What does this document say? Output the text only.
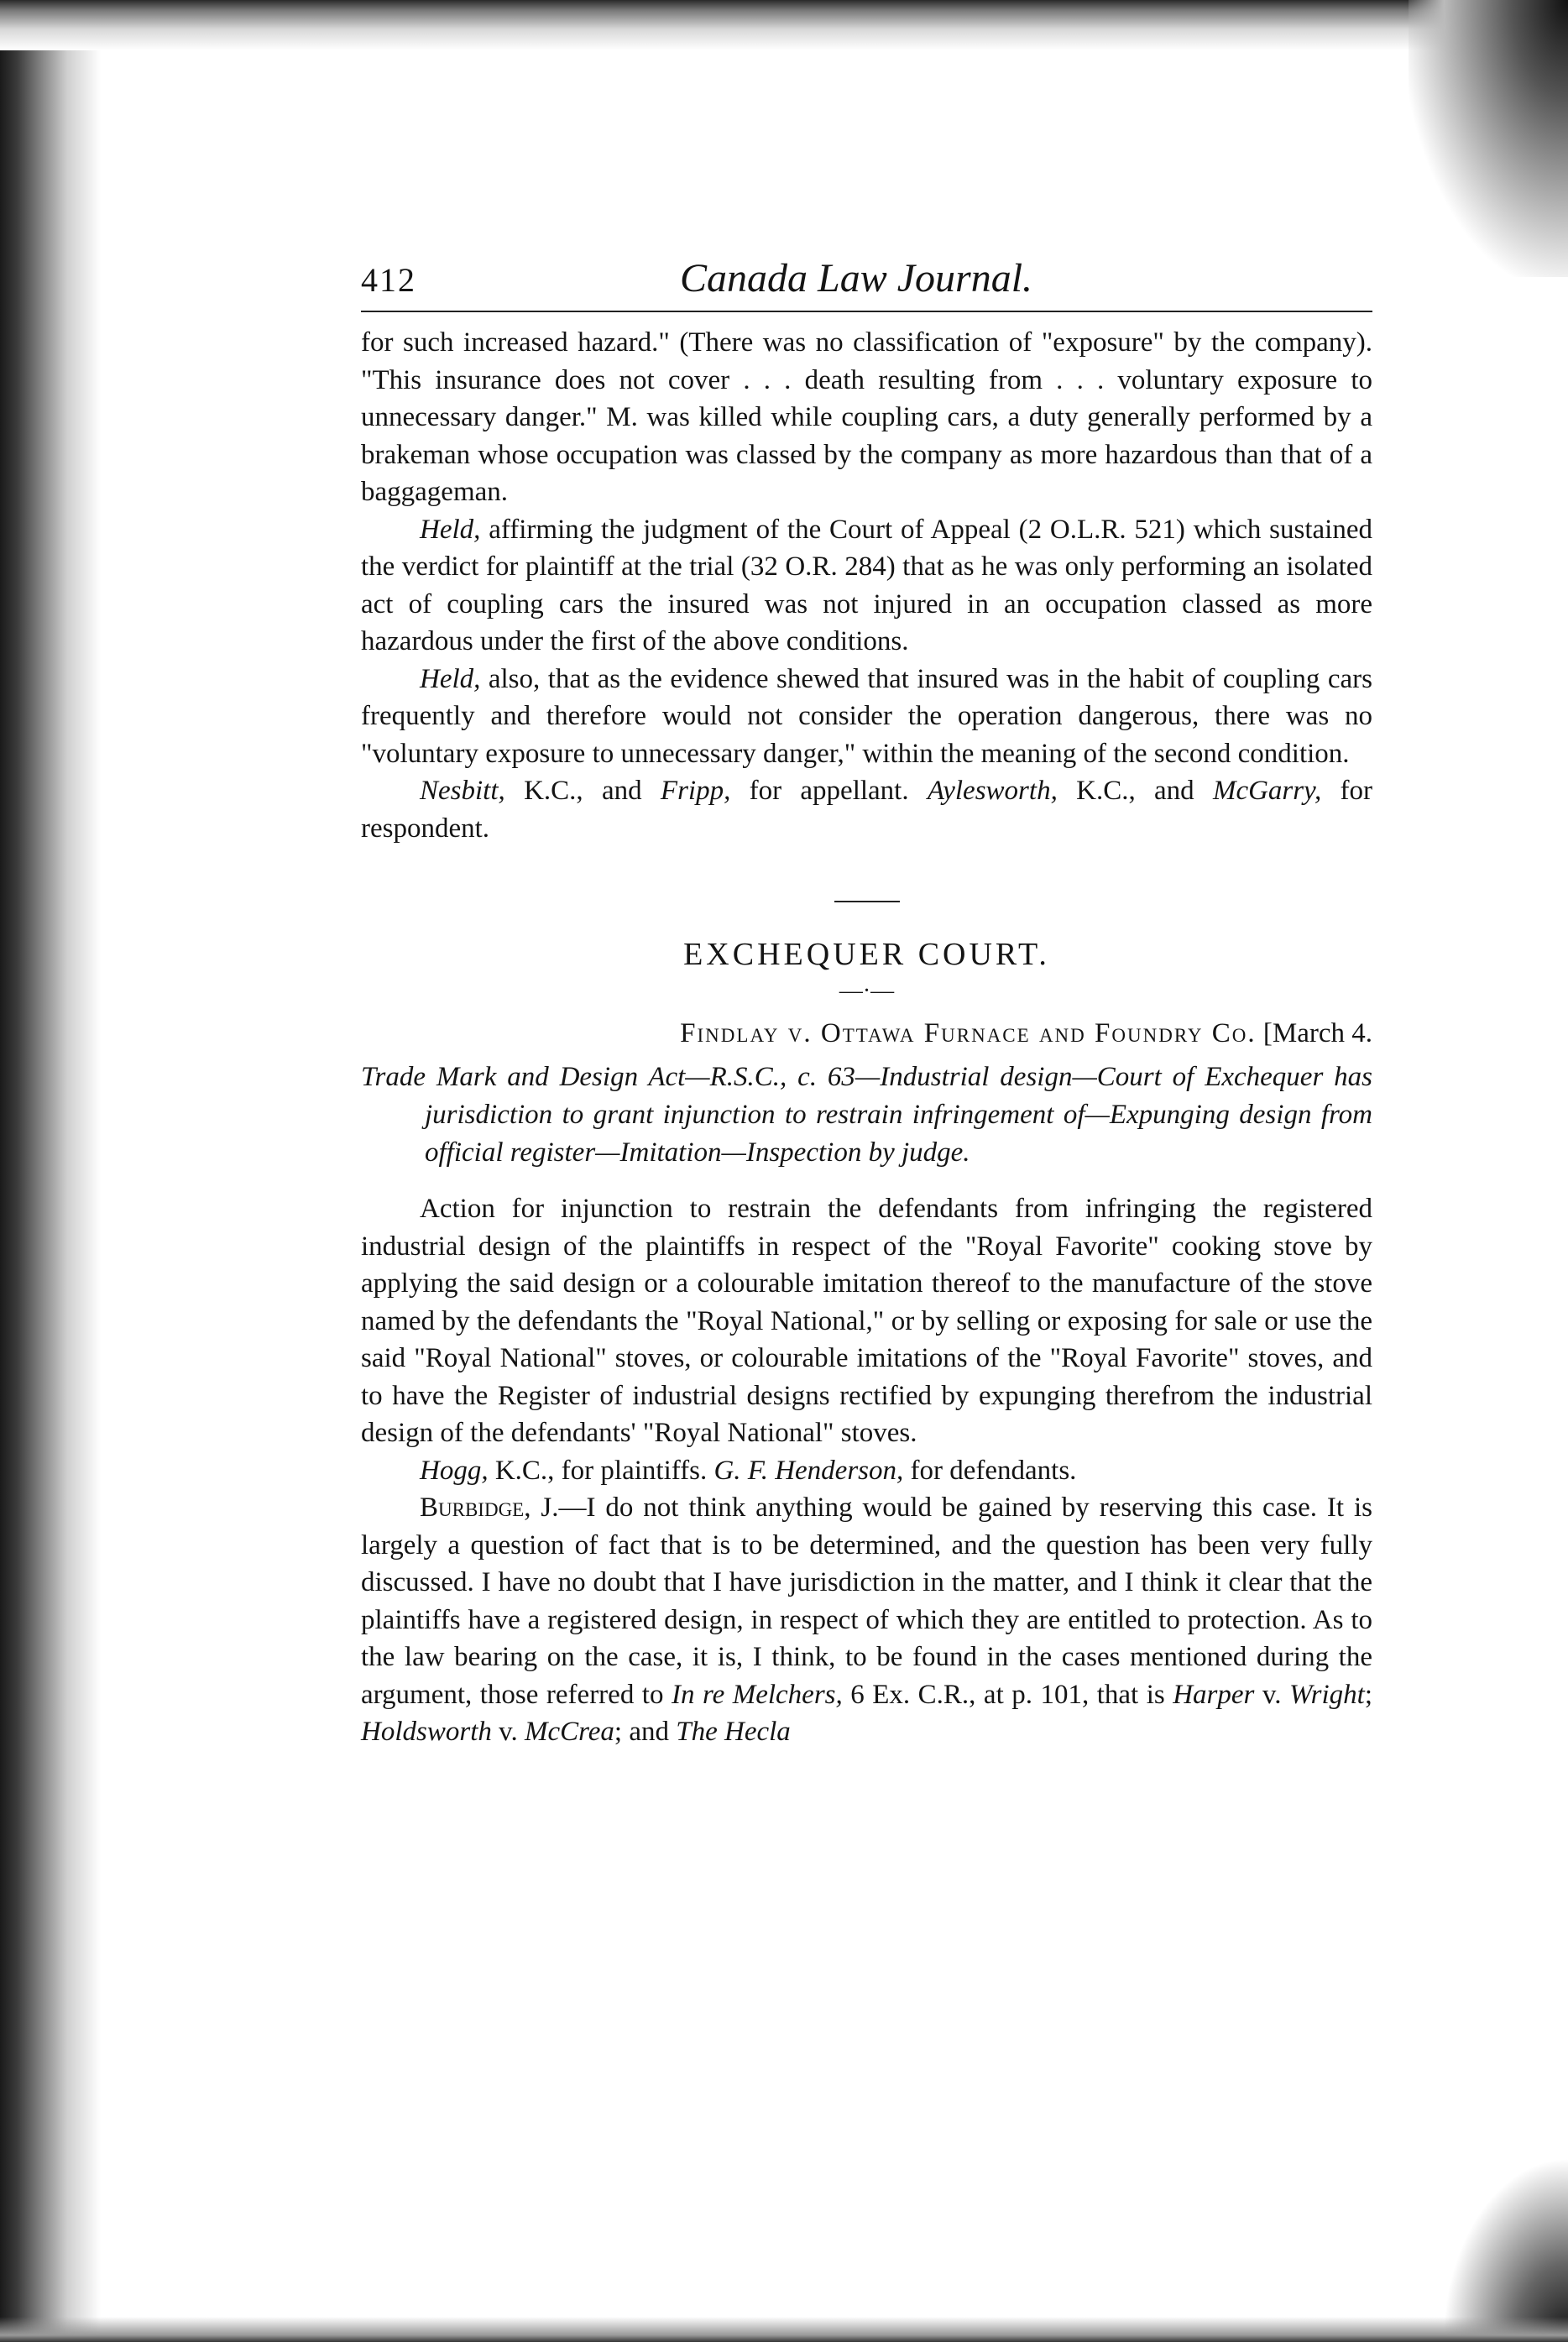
412	Canada Law Journal.

for such increased hazard." (There was no classification of "exposure" by the company). "This insurance does not cover . . . death resulting from . . . voluntary exposure to unnecessary danger." M. was killed while coupling cars, a duty generally performed by a brakeman whose occupation was classed by the company as more hazardous than that of a baggageman.

Held, affirming the judgment of the Court of Appeal (2 O.L.R. 521) which sustained the verdict for plaintiff at the trial (32 O.R. 284) that as he was only performing an isolated act of coupling cars the insured was not injured in an occupation classed as more hazardous under the first of the above conditions.

Held, also, that as the evidence shewed that insured was in the habit of coupling cars frequently and therefore would not consider the operation dangerous, there was no "voluntary exposure to unnecessary danger," within the meaning of the second condition.

Nesbitt, K.C., and Fripp, for appellant. Aylesworth, K.C., and McGarry, for respondent.

EXCHEQUER COURT.
—·—
Findlay v. Ottawa Furnace and Foundry Co. [March 4.
Trade Mark and Design Act—R.S.C., c. 63—Industrial design—Court of Exchequer has jurisdiction to grant injunction to restrain infringement of—Expunging design from official register—Imitation—Inspection by judge.

Action for injunction to restrain the defendants from infringing the registered industrial design of the plaintiffs in respect of the "Royal Favorite" cooking stove by applying the said design or a colourable imitation thereof to the manufacture of the stove named by the defendants the "Royal National," or by selling or exposing for sale or use the said "Royal National" stoves, or colourable imitations of the "Royal Favorite" stoves, and to have the Register of industrial designs rectified by expunging therefrom the industrial design of the defendants' "Royal National" stoves.

Hogg, K.C., for plaintiffs. G. F. Henderson, for defendants.

Burbidge, J.—I do not think anything would be gained by reserving this case. It is largely a question of fact that is to be determined, and the question has been very fully discussed. I have no doubt that I have jurisdiction in the matter, and I think it clear that the plaintiffs have a registered design, in respect of which they are entitled to protection. As to the law bearing on the case, it is, I think, to be found in the cases mentioned during the argument, those referred to In re Melchers, 6 Ex. C.R., at p. 101, that is Harper v. Wright; Holdsworth v. McCrea; and The Hecla
